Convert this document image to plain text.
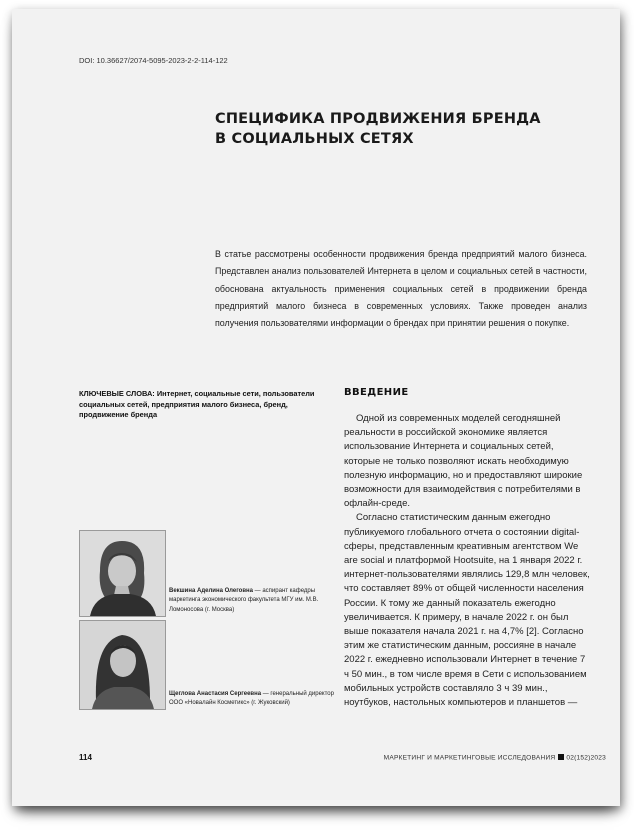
DOI: 10.36627/2074-5095-2023-2-2-114-122
СПЕЦИФИКА ПРОДВИЖЕНИЯ БРЕНДА
В СОЦИАЛЬНЫХ СЕТЯХ
В статье рассмотрены особенности продвижения бренда предприятий малого бизнеса. Представлен анализ пользователей Интернета в целом и социальных сетей в частности, обоснована актуальность применения социальных сетей в продвижении бренда предприятий малого бизнеса в современных условиях. Также проведен анализ получения пользователями информации о брендах при принятии решения о покупке.
КЛЮЧЕВЫЕ СЛОВА: Интернет, социальные сети, пользователи социальных сетей, предприятия малого бизнеса, бренд, продвижение бренда
ВВЕДЕНИЕ

Одной из современных моделей сегодняшней реальности в российской экономике является использование Интернета и социальных сетей, которые не только позволяют искать необходимую полезную информацию, но и предоставляют широкие возможности для взаимодействия с потребителями в офлайн-среде.

Согласно статистическим данным ежегодно публикуемого глобального отчета о состоянии digital-сферы, представленным креативным агентством We are social и платформой Hootsuite, на 1 января 2022 г. интернет-пользователями являлись 129,8 млн человек, что составляет 89% от общей численности населения России. К тому же данный показатель ежегодно увеличивается. К примеру, в начале 2022 г. он был выше показателя начала 2021 г. на 4,7% [2]. Согласно этим же статистическим данным, россияне в начале 2022 г. ежедневно использовали Интернет в течение 7 ч 50 мин., в том числе время в Сети с использованием мобильных устройств составляло 3 ч 39 мин., ноутбуков, настольных компьютеров и планшетов —

Векшина Аделина Олеговна — аспирант кафедры маркетинга экономического факультета МГУ им. М.В. Ломоносова (г. Москва)
Щеглова Анастасия Сергеевна — генеральный директор ООО «Новалайн Косметикс» (г. Жуковский)
114	МАРКЕТИНГ И МАРКЕТИНГОВЫЕ ИССЛЕДОВАНИЯ 02(152)2023
